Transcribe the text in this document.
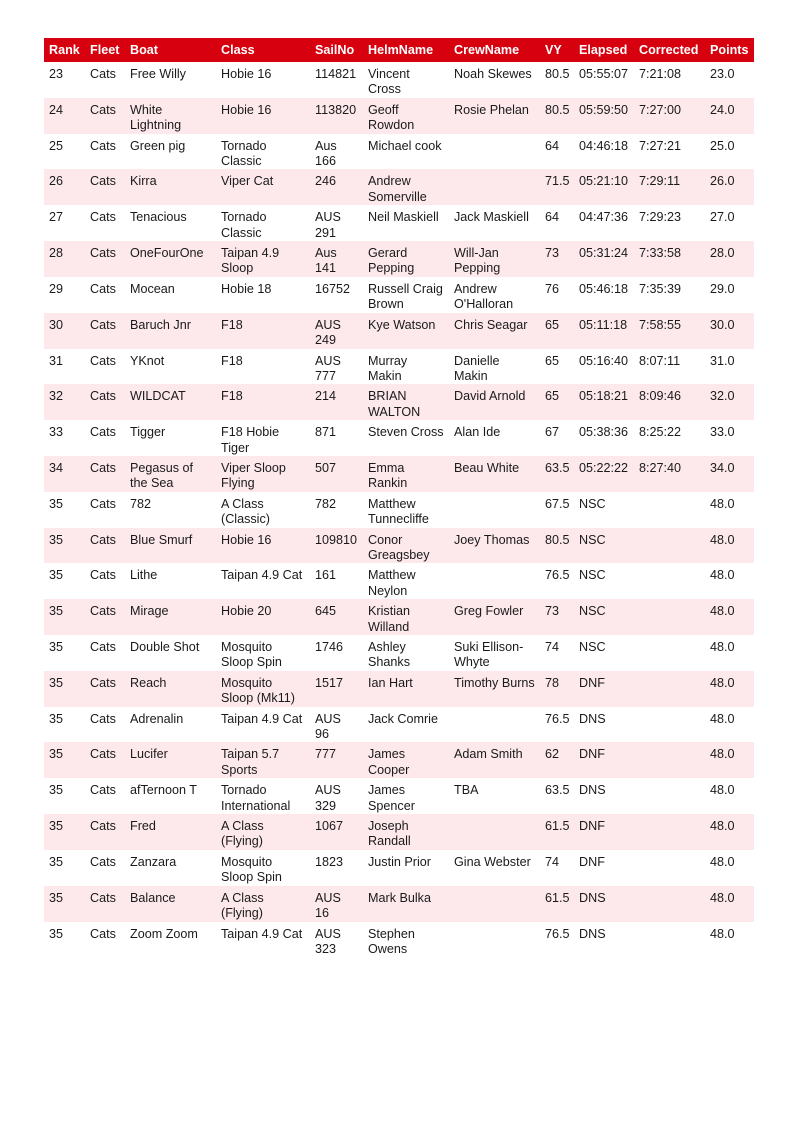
Rank	Fleet	Boat	Class	SailNo	HelmName	CrewName	VY	Elapsed	Corrected	Points
23	Cats	Free Willy	Hobie 16	114821	Vincent Cross	Noah Skewes	80.5	05:55:07	7:21:08	23.0
24	Cats	White Lightning	Hobie 16	113820	Geoff Rowdon	Rosie Phelan	80.5	05:59:50	7:27:00	24.0
25	Cats	Green pig	Tornado Classic	Aus 166	Michael cook		64	04:46:18	7:27:21	25.0
26	Cats	Kirra	Viper Cat	246	Andrew Somerville		71.5	05:21:10	7:29:11	26.0
27	Cats	Tenacious	Tornado Classic	AUS 291	Neil Maskiell	Jack Maskiell	64	04:47:36	7:29:23	27.0
28	Cats	OneFourOne	Taipan 4.9 Sloop	Aus 141	Gerard Pepping	Will-Jan Pepping	73	05:31:24	7:33:58	28.0
29	Cats	Mocean	Hobie 18	16752	Russell Craig Brown	Andrew O'Halloran	76	05:46:18	7:35:39	29.0
30	Cats	Baruch Jnr	F18	AUS 249	Kye Watson	Chris Seagar	65	05:11:18	7:58:55	30.0
31	Cats	YKnot	F18	AUS 777	Murray Makin	Danielle Makin	65	05:16:40	8:07:11	31.0
32	Cats	WILDCAT	F18	214	BRIAN WALTON	David Arnold	65	05:18:21	8:09:46	32.0
33	Cats	Tigger	F18 Hobie Tiger	871	Steven Cross	Alan Ide	67	05:38:36	8:25:22	33.0
34	Cats	Pegasus of the Sea	Viper Sloop Flying	507	Emma Rankin	Beau White	63.5	05:22:22	8:27:40	34.0
35	Cats	782	A Class (Classic)	782	Matthew Tunnecliffe		67.5	NSC		48.0
35	Cats	Blue Smurf	Hobie 16	109810	Conor Greagsbey	Joey Thomas	80.5	NSC		48.0
35	Cats	Lithe	Taipan 4.9 Cat	161	Matthew Neylon		76.5	NSC		48.0
35	Cats	Mirage	Hobie 20	645	Kristian Willand	Greg Fowler	73	NSC		48.0
35	Cats	Double Shot	Mosquito Sloop Spin	1746	Ashley Shanks	Suki Ellison-Whyte	74	NSC		48.0
35	Cats	Reach	Mosquito Sloop (Mk11)	1517	Ian Hart	Timothy Burns	78	DNF		48.0
35	Cats	Adrenalin	Taipan 4.9 Cat	AUS 96	Jack Comrie		76.5	DNS		48.0
35	Cats	Lucifer	Taipan 5.7 Sports	777	James Cooper	Adam Smith	62	DNF		48.0
35	Cats	afTernoon T	Tornado International	AUS 329	James Spencer	TBA	63.5	DNS		48.0
35	Cats	Fred	A Class (Flying)	1067	Joseph Randall		61.5	DNF		48.0
35	Cats	Zanzara	Mosquito Sloop Spin	1823	Justin Prior	Gina Webster	74	DNF		48.0
35	Cats	Balance	A Class (Flying)	AUS 16	Mark Bulka		61.5	DNS		48.0
35	Cats	Zoom Zoom	Taipan 4.9 Cat	AUS 323	Stephen Owens		76.5	DNS		48.0
